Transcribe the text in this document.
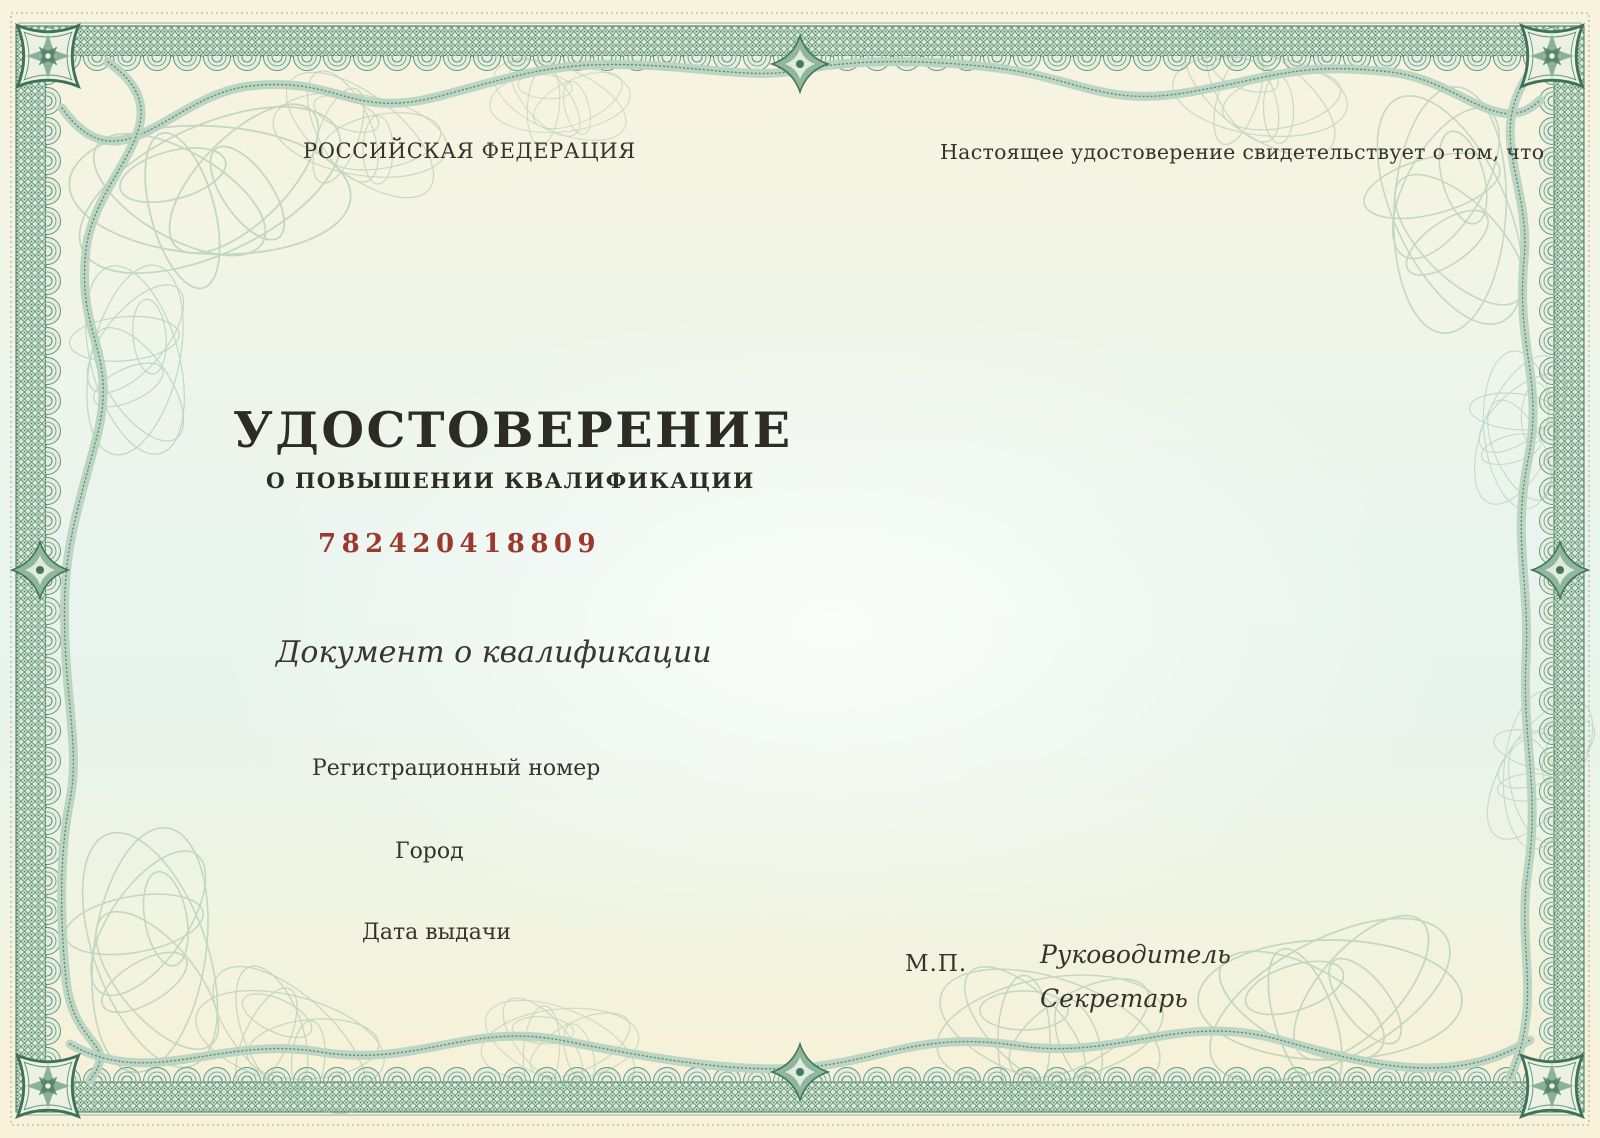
РОССИЙСКАЯ ФЕДЕРАЦИЯ	Настоящее удостоверение свидетельствует о том, что
УДОСТОВЕРЕНИЕ
О ПОВЫШЕНИИ КВАЛИФИКАЦИИ
782420418809
Документ о квалификации
Регистрационный номер
Город
Дата выдачи
М.П.	Руководитель
Секретарь
